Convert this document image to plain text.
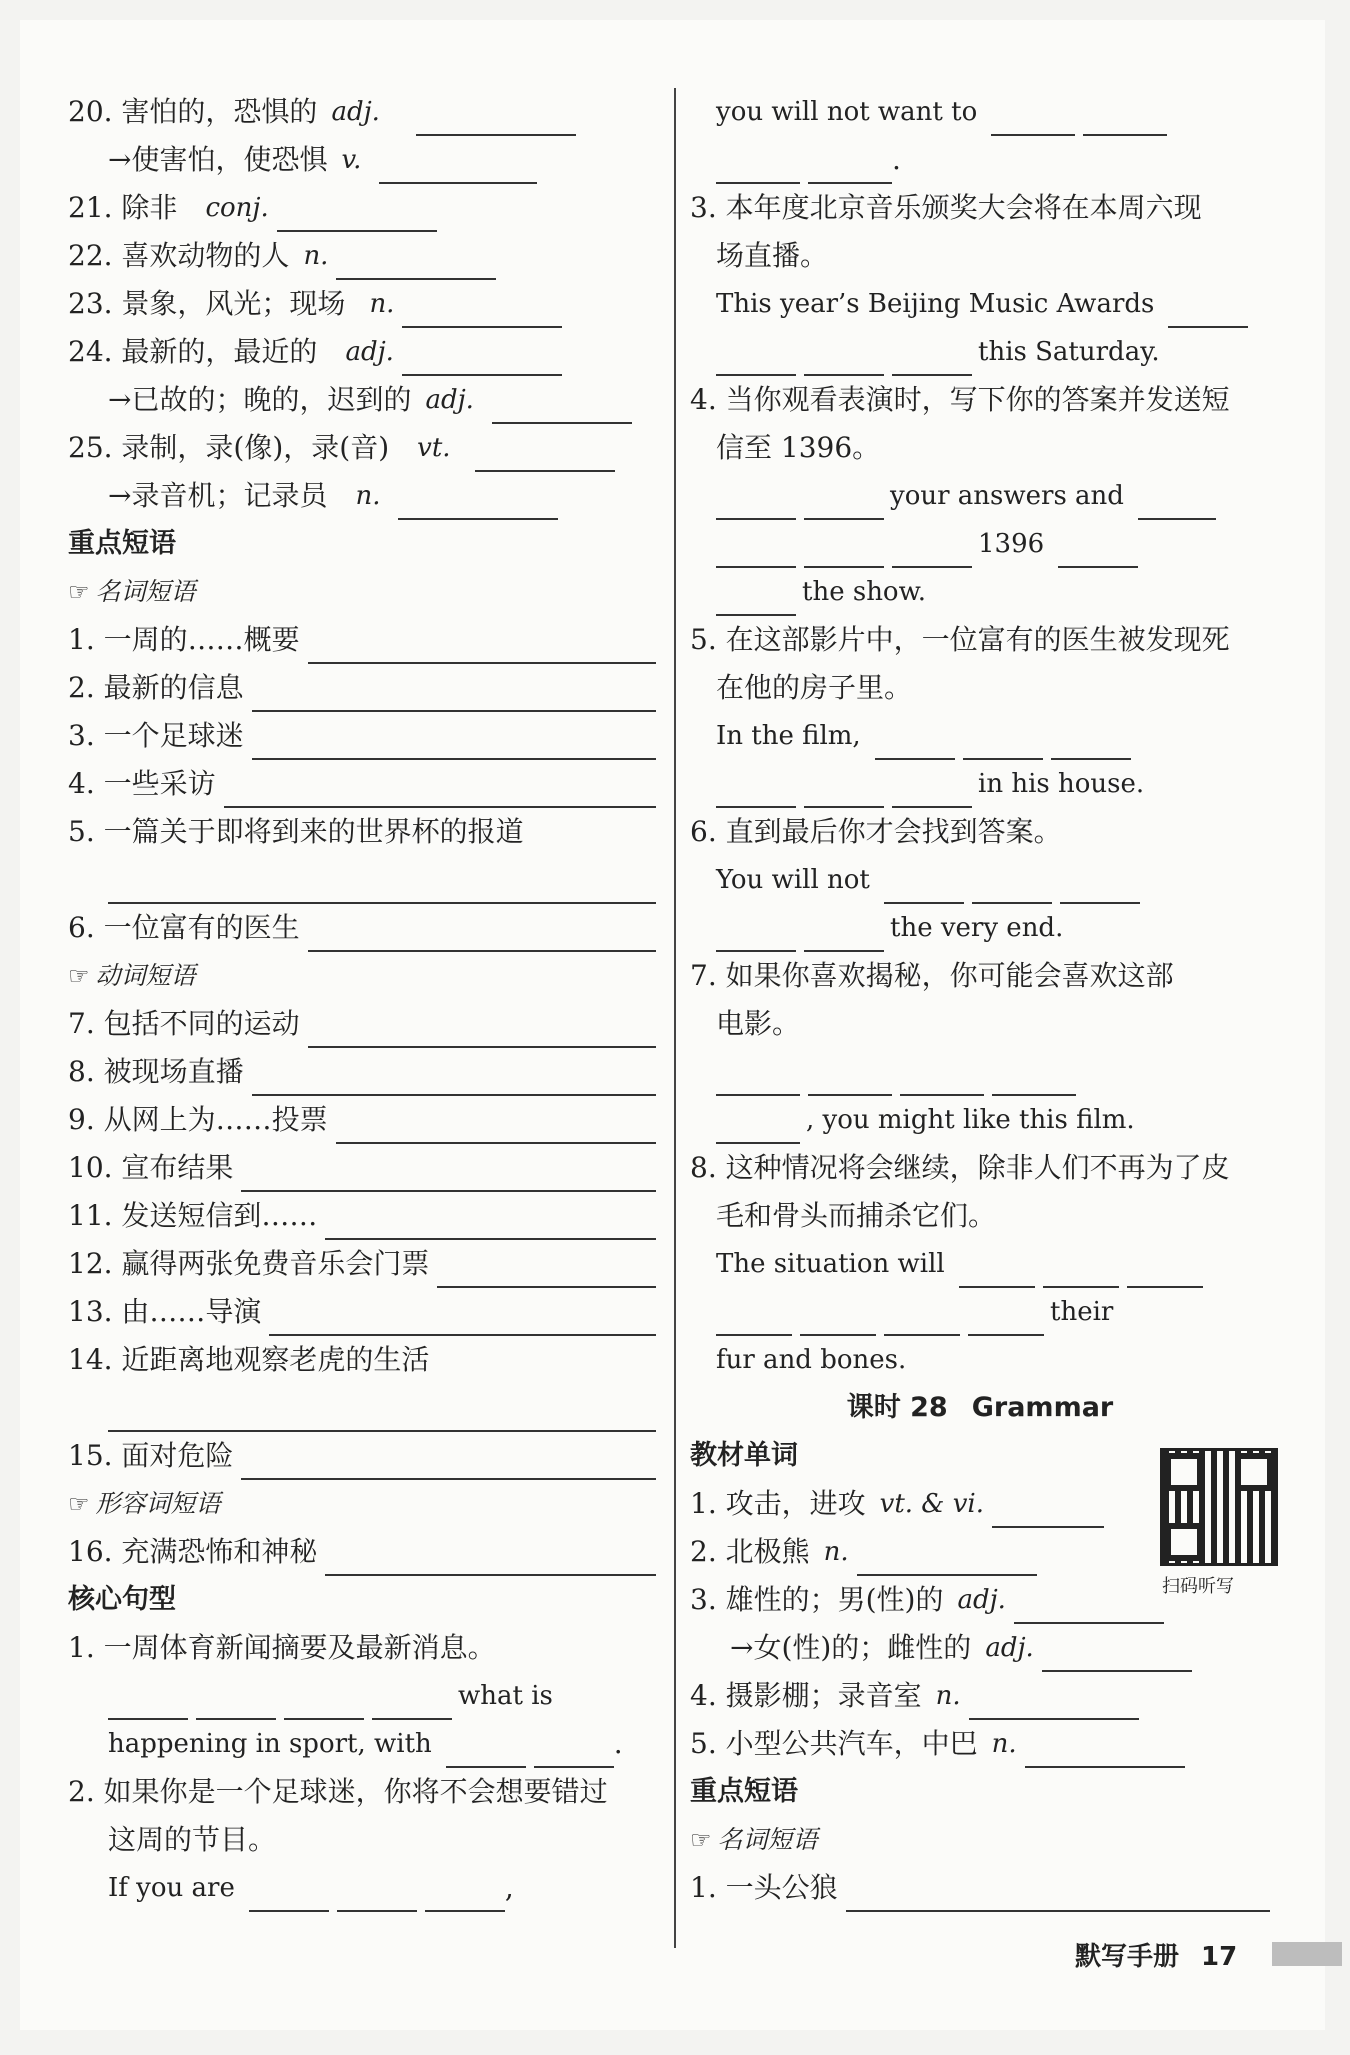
20. 害怕的，恐惧的 adj.
→使害怕，使恐惧 v.
21. 除非 conj.
22. 喜欢动物的人 n.
23. 景象，风光；现场 n.
24. 最新的，最近的 adj.
→已故的；晚的，迟到的 adj.
25. 录制，录(像)，录(音) vt.
→录音机；记录员 n.
重点短语
☞ 名词短语
1. 一周的……概要
2. 最新的信息
3. 一个足球迷
4. 一些采访
5. 一篇关于即将到来的世界杯的报道
6. 一位富有的医生
☞ 动词短语
7. 包括不同的运动
8. 被现场直播
9. 从网上为……投票
10. 宣布结果
11. 发送短信到……
12. 赢得两张免费音乐会门票
13. 由……导演
14. 近距离地观察老虎的生活
15. 面对危险
☞ 形容词短语
16. 充满恐怖和神秘
核心句型
1. 一周体育新闻摘要及最新消息。
what is
happening in sport, with	.
2. 如果你是一个足球迷，你将不会想要错过
这周的节目。
If you are	,
you will not want to
.
3. 本年度北京音乐颁奖大会将在本周六现
场直播。
This year’s Beijing Music Awards
this Saturday.
4. 当你观看表演时，写下你的答案并发送短
信至 1396。
your answers and
1396
the show.
5. 在这部影片中，一位富有的医生被发现死
在他的房子里。
In the film,
in his house.
6. 直到最后你才会找到答案。
You will not
the very end.
7. 如果你喜欢揭秘，你可能会喜欢这部
电影。
, you might like this film.
8. 这种情况将会继续，除非人们不再为了皮
毛和骨头而捕杀它们。
The situation will
their
fur and bones.
课时 28 Grammar
教材单词
1. 攻击，进攻 vt. & vi.
2. 北极熊 n.
3. 雄性的；男(性)的 adj.
→女(性)的；雌性的 adj.
4. 摄影棚；录音室 n.
5. 小型公共汽车，中巴 n.
重点短语
☞ 名词短语
1. 一头公狼
扫码听写
默写手册 17
